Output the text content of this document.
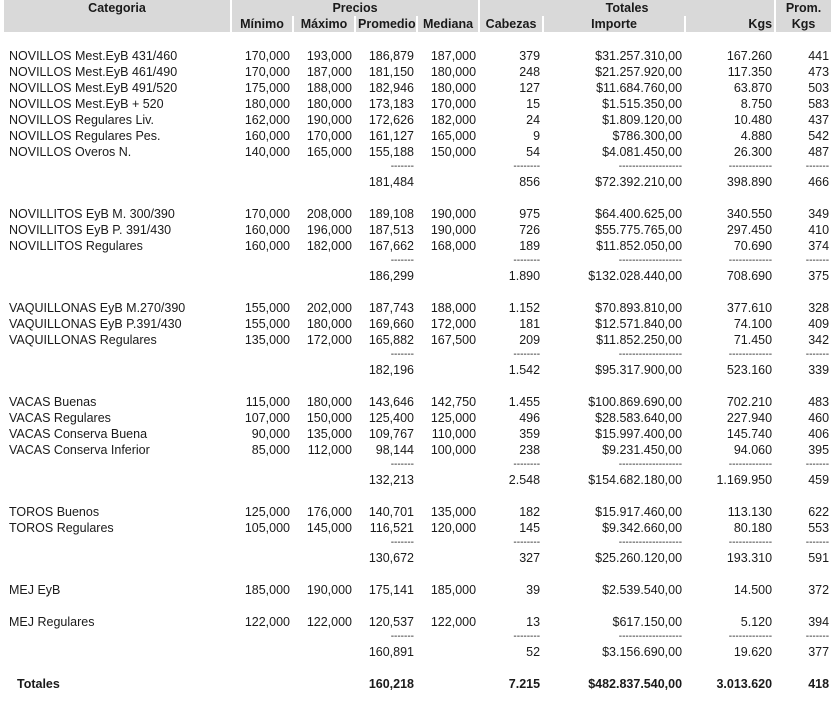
Categoria	Precios				Totales			Prom.
	Mínimo	Máximo	Promedio	Mediana	Cabezas	Importe	Kgs	Kgs

NOVILLOS Mest.EyB 431/460	170,000	193,000	186,879	187,000	379	$31.257.310,00	167.260	441
NOVILLOS Mest.EyB 461/490	170,000	187,000	181,150	180,000	248	$21.257.920,00	117.350	473
NOVILLOS Mest.EyB 491/520	175,000	188,000	182,946	180,000	127	$11.684.760,00	63.870	503
NOVILLOS Mest.EyB + 520	180,000	180,000	173,183	170,000	15	$1.515.350,00	8.750	583
NOVILLOS Regulares Liv.	162,000	190,000	172,626	182,000	24	$1.809.120,00	10.480	437
NOVILLOS Regulares Pes.	160,000	170,000	161,127	165,000	9	$786.300,00	4.880	542
NOVILLOS Overos N.	140,000	165,000	155,188	150,000	54	$4.081.450,00	26.300	487
			-------		--------	-------------------	-------------	-------
			181,484		856	$72.392.210,00	398.890	466

NOVILLITOS EyB M. 300/390	170,000	208,000	189,108	190,000	975	$64.400.625,00	340.550	349
NOVILLITOS EyB P. 391/430	160,000	196,000	187,513	190,000	726	$55.775.765,00	297.450	410
NOVILLITOS Regulares	160,000	182,000	167,662	168,000	189	$11.852.050,00	70.690	374
			-------		--------	-------------------	-------------	-------
			186,299		1.890	$132.028.440,00	708.690	375

VAQUILLONAS EyB M.270/390	155,000	202,000	187,743	188,000	1.152	$70.893.810,00	377.610	328
VAQUILLONAS EyB P.391/430	155,000	180,000	169,660	172,000	181	$12.571.840,00	74.100	409
VAQUILLONAS Regulares	135,000	172,000	165,882	167,500	209	$11.852.250,00	71.450	342
			-------		--------	-------------------	-------------	-------
			182,196		1.542	$95.317.900,00	523.160	339

VACAS Buenas	115,000	180,000	143,646	142,750	1.455	$100.869.690,00	702.210	483
VACAS Regulares	107,000	150,000	125,400	125,000	496	$28.583.640,00	227.940	460
VACAS Conserva Buena	90,000	135,000	109,767	110,000	359	$15.997.400,00	145.740	406
VACAS Conserva Inferior	85,000	112,000	98,144	100,000	238	$9.231.450,00	94.060	395
			-------		--------	-------------------	-------------	-------
			132,213		2.548	$154.682.180,00	1.169.950	459

TOROS Buenos	125,000	176,000	140,701	135,000	182	$15.917.460,00	113.130	622
TOROS Regulares	105,000	145,000	116,521	120,000	145	$9.342.660,00	80.180	553
			-------		--------	-------------------	-------------	-------
			130,672		327	$25.260.120,00	193.310	591

MEJ EyB	185,000	190,000	175,141	185,000	39	$2.539.540,00	14.500	372

MEJ Regulares	122,000	122,000	120,537	122,000	13	$617.150,00	5.120	394
			-------		--------	-------------------	-------------	-------
			160,891		52	$3.156.690,00	19.620	377

Totales			160,218		7.215	$482.837.540,00	3.013.620	418
